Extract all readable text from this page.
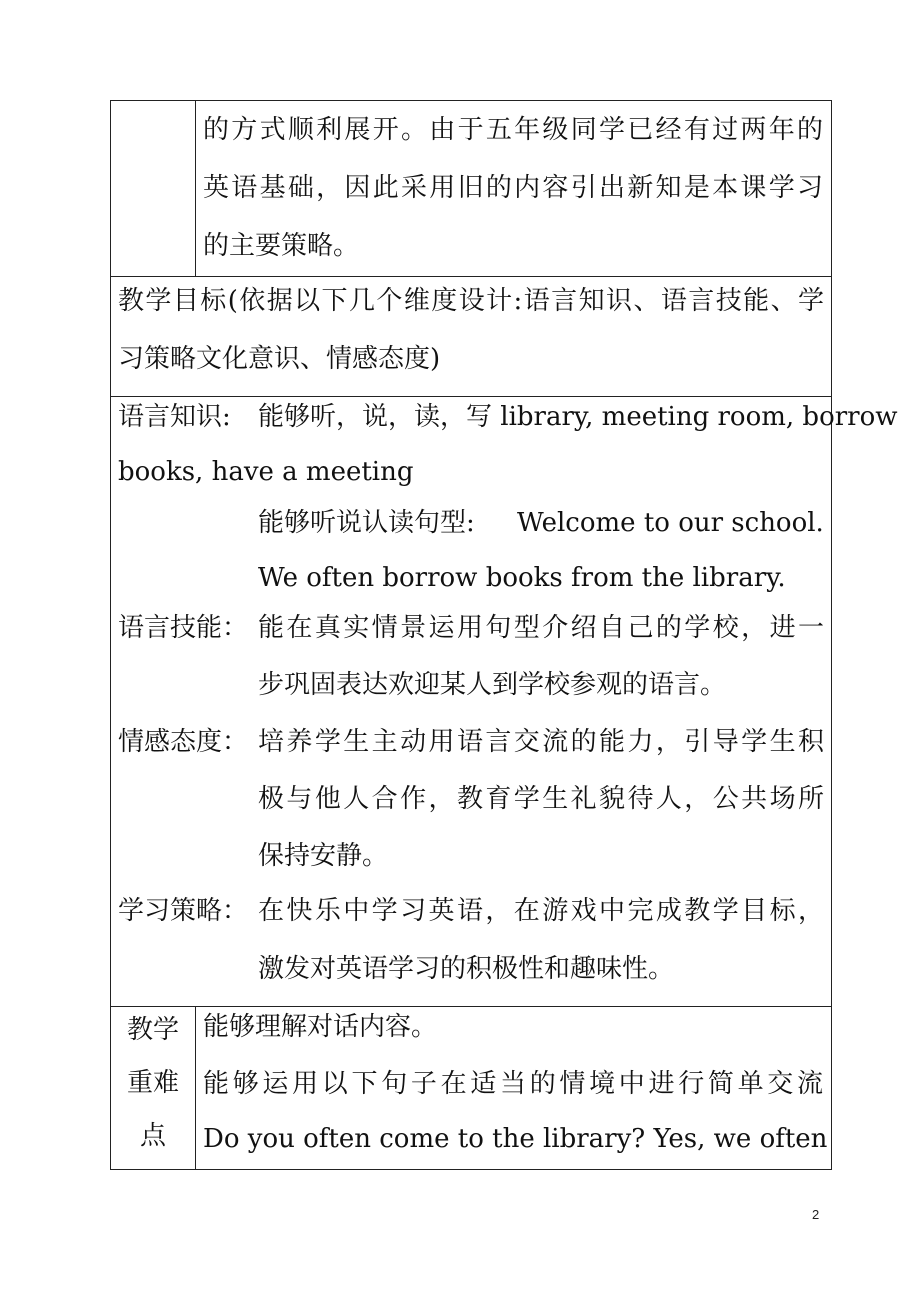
的方式顺利展开。由于五年级同学已经有过两年的
英语基础，因此采用旧的内容引出新知是本课学习
的主要策略。
教学目标(依据以下几个维度设计:语言知识、语言技能、学
习策略文化意识、情感态度)
语言知识: 能够听，说，读，写 library, meeting room, borrow
books, have a meeting
能够听说认读句型: Welcome to our school.
We often borrow books from the library.
语言技能： 能在真实情景运用句型介绍自己的学校，进一
步巩固表达欢迎某人到学校参观的语言。
情感态度： 培养学生主动用语言交流的能力，引导学生积
极与他人合作，教育学生礼貌待人，公共场所
保持安静。
学习策略： 在快乐中学习英语，在游戏中完成教学目标，
激发对英语学习的积极性和趣味性。
教学
重难
点
能够理解对话内容。
能够运用以下句子在适当的情境中进行简单交流
Do you often come to the library? Yes, we often
2
